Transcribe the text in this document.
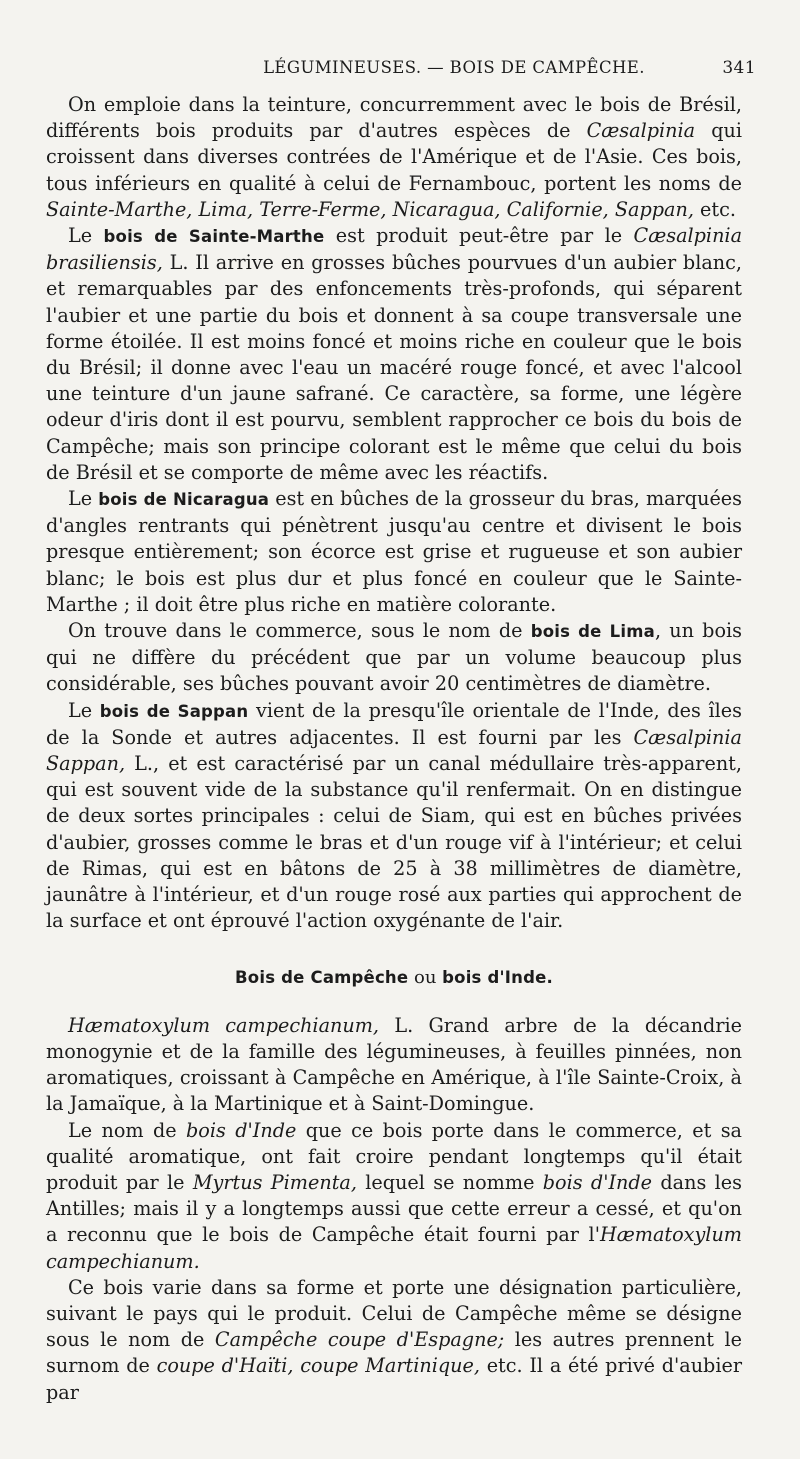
LÉGUMINEUSES. — BOIS DE CAMPÊCHE.	341

On emploie dans la teinture, concurremment avec le bois de Brésil, différents bois produits par d'autres espèces de Cæsalpinia qui croissent dans diverses contrées de l'Amérique et de l'Asie. Ces bois, tous inférieurs en qualité à celui de Fernambouc, portent les noms de Sainte-Marthe, Lima, Terre-Ferme, Nicaragua, Californie, Sappan, etc.

Le bois de Sainte-Marthe est produit peut-être par le Cæsalpinia brasiliensis, L. Il arrive en grosses bûches pourvues d'un aubier blanc, et remarquables par des enfoncements très-profonds, qui séparent l'aubier et une partie du bois et donnent à sa coupe transversale une forme étoilée. Il est moins foncé et moins riche en couleur que le bois du Brésil; il donne avec l'eau un macéré rouge foncé, et avec l'alcool une teinture d'un jaune safrané. Ce caractère, sa forme, une légère odeur d'iris dont il est pourvu, semblent rapprocher ce bois du bois de Campêche; mais son principe colorant est le même que celui du bois de Brésil et se comporte de même avec les réactifs.

Le bois de Nicaragua est en bûches de la grosseur du bras, marquées d'angles rentrants qui pénètrent jusqu'au centre et divisent le bois presque entièrement; son écorce est grise et rugueuse et son aubier blanc; le bois est plus dur et plus foncé en couleur que le Sainte-Marthe ; il doit être plus riche en matière colorante.

On trouve dans le commerce, sous le nom de bois de Lima, un bois qui ne diffère du précédent que par un volume beaucoup plus considérable, ses bûches pouvant avoir 20 centimètres de diamètre.

Le bois de Sappan vient de la presqu'île orientale de l'Inde, des îles de la Sonde et autres adjacentes. Il est fourni par les Cæsalpinia Sappan, L., et est caractérisé par un canal médullaire très-apparent, qui est souvent vide de la substance qu'il renfermait. On en distingue de deux sortes principales : celui de Siam, qui est en bûches privées d'aubier, grosses comme le bras et d'un rouge vif à l'intérieur; et celui de Rimas, qui est en bâtons de 25 à 38 millimètres de diamètre, jaunâtre à l'intérieur, et d'un rouge rosé aux parties qui approchent de la surface et ont éprouvé l'action oxygénante de l'air.

Bois de Campêche ou bois d'Inde.

Hæmatoxylum campechianum, L. Grand arbre de la décandrie monogynie et de la famille des légumineuses, à feuilles pinnées, non aromatiques, croissant à Campêche en Amérique, à l'île Sainte-Croix, à la Jamaïque, à la Martinique et à Saint-Domingue.

Le nom de bois d'Inde que ce bois porte dans le commerce, et sa qualité aromatique, ont fait croire pendant longtemps qu'il était produit par le Myrtus Pimenta, lequel se nomme bois d'Inde dans les Antilles; mais il y a longtemps aussi que cette erreur a cessé, et qu'on a reconnu que le bois de Campêche était fourni par l'Hæmatoxylum campechianum.

Ce bois varie dans sa forme et porte une désignation particulière, suivant le pays qui le produit. Celui de Campêche même se désigne sous le nom de Campêche coupe d'Espagne; les autres prennent le surnom de coupe d'Haïti, coupe Martinique, etc. Il a été privé d'aubier par
